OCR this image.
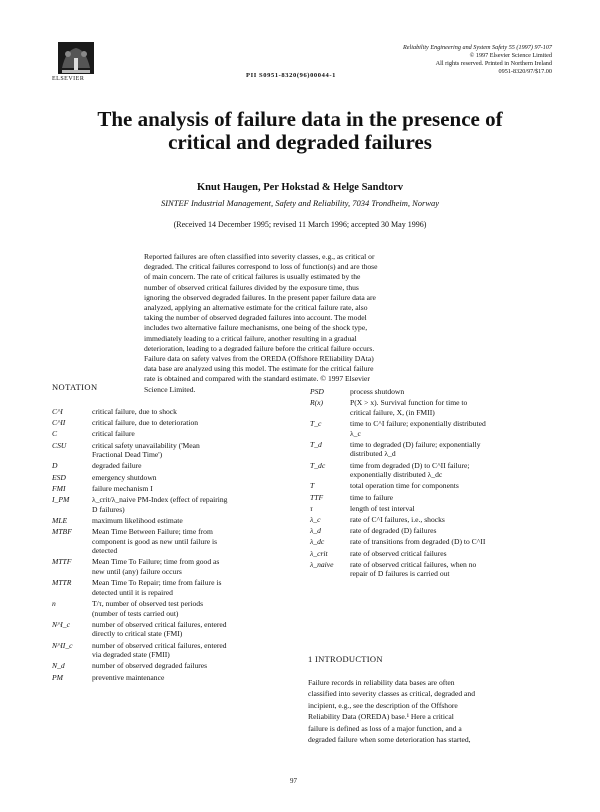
ELSEVIER	PII S0951-8320(96)00044-1
Reliability Engineering and System Safety 55 (1997) 97-107
© 1997 Elsevier Science Limited
All rights reserved. Printed in Northern Ireland
0951-8320/97/$17.00
The analysis of failure data in the presence of
critical and degraded failures
Knut Haugen, Per Hokstad & Helge Sandtorv
SINTEF Industrial Management, Safety and Reliability, 7034 Trondheim, Norway
(Received 14 December 1995; revised 11 March 1996; accepted 30 May 1996)
Reported failures are often classified into severity classes, e.g., as critical or
degraded. The critical failures correspond to loss of function(s) and are those
of main concern. The rate of critical failures is usually estimated by the
number of observed critical failures divided by the exposure time, thus
ignoring the observed degraded failures. In the present paper failure data are
analyzed, applying an alternative estimate for the critical failure rate, also
taking the number of observed degraded failures into account. The model
includes two alternative failure mechanisms, one being of the shock type,
immediately leading to a critical failure, another resulting in a gradual
deterioration, leading to a degraded failure before the critical failure occurs.
Failure data on safety valves from the OREDA (Offshore REliability DAta)
data base are analyzed using this model. The estimate for the critical failure
rate is obtained and compared with the standard estimate. © 1997 Elsevier
Science Limited.
NOTATION
C^I	critical failure, due to shock
C^II	critical failure, due to deterioration
C	critical failure
CSU	critical safety unavailability ('Mean
Fractional Dead Time')
D	degraded failure
ESD	emergency shutdown
FMI	failure mechanism I
I_PM	λ_crit/λ_naive PM-Index (effect of repairing
D failures)
MLE	maximum likelihood estimate
MTBF	Mean Time Between Failure; time from
component is good as new until failure is
detected
MTTF	Mean Time To Failure; time from good as
new until (any) failure occurs
MTTR	Mean Time To Repair; time from failure is
detected until it is repaired
n	T/τ, number of observed test periods
(number of tests carried out)
N^I_c	number of observed critical failures, entered
directly to critical state (FMI)
N^II_c	number of observed critical failures, entered
via degraded state (FMII)
N_d	number of observed degraded failures
PM	preventive maintenance
PSD	process shutdown
R(x)	P(X > x). Survival function for time to
critical failure, X, (in FMII)
T_c	time to C^I failure; exponentially distributed
λ_c
T_d	time to degraded (D) failure; exponentially
distributed λ_d
T_dc	time from degraded (D) to C^II failure;
exponentially distributed λ_dc
T	total operation time for components
TTF	time to failure
τ	length of test interval
λ_c	rate of C^I failures, i.e., shocks
λ_d	rate of degraded (D) failures
λ_dc	rate of transitions from degraded (D) to C^II
λ_crit	rate of observed critical failures
λ_naive rate of observed critical failures, when no
repair of D failures is carried out
1 INTRODUCTION
Failure records in reliability data bases are often
classified into severity classes as critical, degraded and
incipient, e.g., see the description of the Offshore
Reliability Data (OREDA) base.¹ Here a critical
failure is defined as loss of a major function, and a
degraded failure when some deterioration has started,
97
